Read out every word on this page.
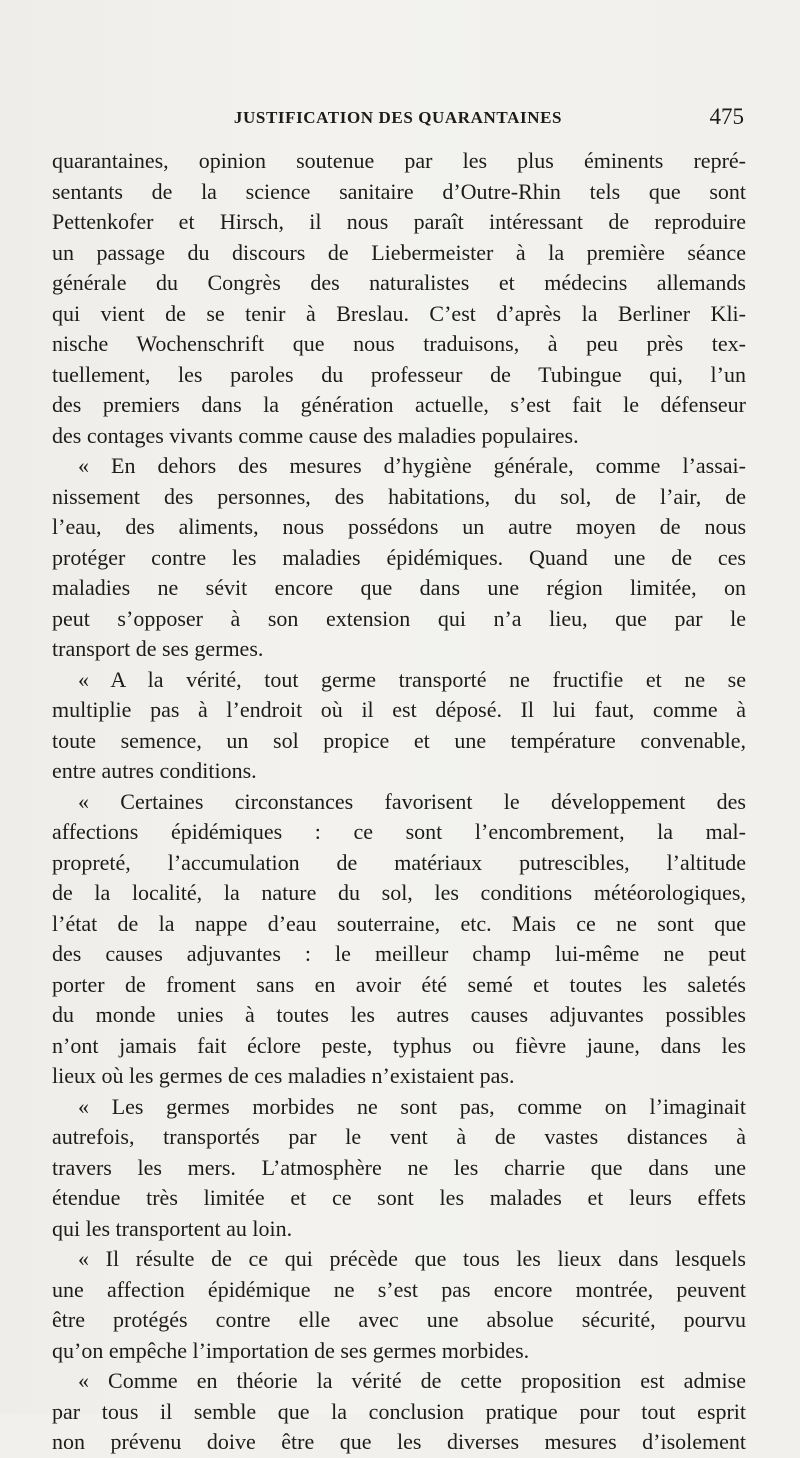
JUSTIFICATION DES QUARANTAINES	475
quarantaines, opinion soutenue par les plus éminents repré-
sentants de la science sanitaire d’Outre-Rhin tels que sont
Pettenkofer et Hirsch, il nous paraît intéressant de reproduire
un passage du discours de Liebermeister à la première séance
générale du Congrès des naturalistes et médecins allemands
qui vient de se tenir à Breslau. C’est d’après la Berliner Kli-
nische Wochenschrift que nous traduisons, à peu près tex-
tuellement, les paroles du professeur de Tubingue qui, l’un
des premiers dans la génération actuelle, s’est fait le défenseur
des contages vivants comme cause des maladies populaires.
« En dehors des mesures d’hygiène générale, comme l’assai-
nissement des personnes, des habitations, du sol, de l’air, de
l’eau, des aliments, nous possédons un autre moyen de nous
protéger contre les maladies épidémiques. Quand une de ces
maladies ne sévit encore que dans une région limitée, on
peut s’opposer à son extension qui n’a lieu, que par le
transport de ses germes.
« A la vérité, tout germe transporté ne fructifie et ne se
multiplie pas à l’endroit où il est déposé. Il lui faut, comme à
toute semence, un sol propice et une température convenable,
entre autres conditions.
« Certaines circonstances favorisent le développement des
affections épidémiques : ce sont l’encombrement, la mal-
propreté, l’accumulation de matériaux putrescibles, l’altitude
de la localité, la nature du sol, les conditions météorologiques,
l’état de la nappe d’eau souterraine, etc. Mais ce ne sont que
des causes adjuvantes : le meilleur champ lui-même ne peut
porter de froment sans en avoir été semé et toutes les saletés
du monde unies à toutes les autres causes adjuvantes possibles
n’ont jamais fait éclore peste, typhus ou fièvre jaune, dans les
lieux où les germes de ces maladies n’existaient pas.
« Les germes morbides ne sont pas, comme on l’imaginait
autrefois, transportés par le vent à de vastes distances à
travers les mers. L’atmosphère ne les charrie que dans une
étendue très limitée et ce sont les malades et leurs effets
qui les transportent au loin.
« Il résulte de ce qui précède que tous les lieux dans lesquels
une affection épidémique ne s’est pas encore montrée, peuvent
être protégés contre elle avec une absolue sécurité, pourvu
qu’on empêche l’importation de ses germes morbides.
« Comme en théorie la vérité de cette proposition est admise
par tous il semble que la conclusion pratique pour tout esprit
non prévenu doive être que les diverses mesures d’isolement
